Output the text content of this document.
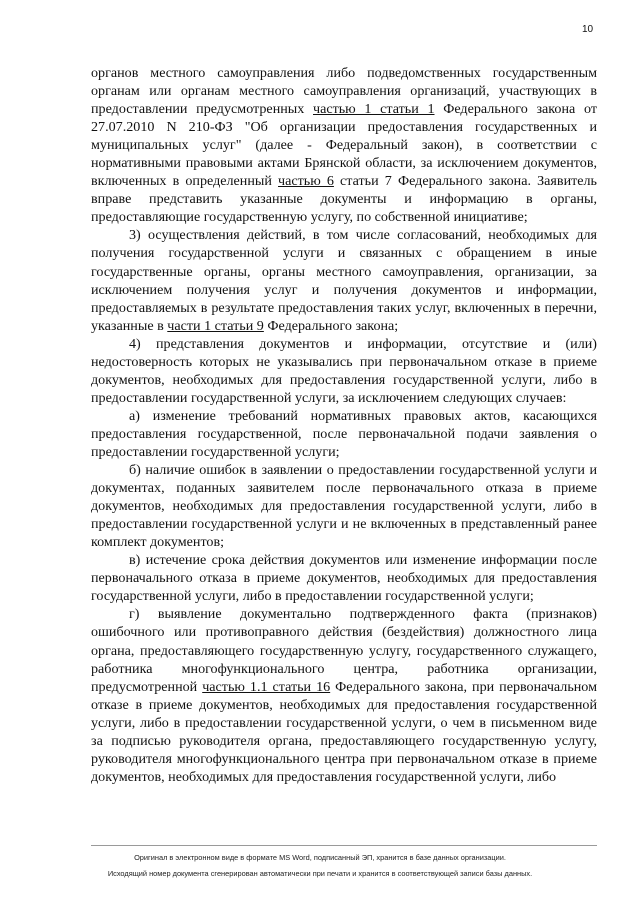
10

органов местного самоуправления либо подведомственных государственным органам или органам местного самоуправления организаций, участвующих в предоставлении предусмотренных частью 1 статьи 1 Федерального закона от 27.07.2010 N 210-ФЗ "Об организации предоставления государственных и муниципальных услуг" (далее - Федеральный закон), в соответствии с нормативными правовыми актами Брянской области, за исключением документов, включенных в определенный частью 6 статьи 7 Федерального закона. Заявитель вправе представить указанные документы и информацию в органы, предоставляющие государственную услугу, по собственной инициативе;

3) осуществления действий, в том числе согласований, необходимых для получения государственной услуги и связанных с обращением в иные государственные органы, органы местного самоуправления, организации, за исключением получения услуг и получения документов и информации, предоставляемых в результате предоставления таких услуг, включенных в перечни, указанные в части 1 статьи 9 Федерального закона;

4) представления документов и информации, отсутствие и (или) недостоверность которых не указывались при первоначальном отказе в приеме документов, необходимых для предоставления государственной услуги, либо в предоставлении государственной услуги, за исключением следующих случаев:

а) изменение требований нормативных правовых актов, касающихся предоставления государственной, после первоначальной подачи заявления о предоставлении государственной услуги;

б) наличие ошибок в заявлении о предоставлении государственной услуги и документах, поданных заявителем после первоначального отказа в приеме документов, необходимых для предоставления государственной услуги, либо в предоставлении государственной услуги и не включенных в представленный ранее комплект документов;

в) истечение срока действия документов или изменение информации после первоначального отказа в приеме документов, необходимых для предоставления государственной услуги, либо в предоставлении государственной услуги;

г) выявление документально подтвержденного факта (признаков) ошибочного или противоправного действия (бездействия) должностного лица органа, предоставляющего государственную услугу, государственного служащего, работника многофункционального центра, работника организации, предусмотренной частью 1.1 статьи 16 Федерального закона, при первоначальном отказе в приеме документов, необходимых для предоставления государственной услуги, либо в предоставлении государственной услуги, о чем в письменном виде за подписью руководителя органа, предоставляющего государственную услугу, руководителя многофункционального центра при первоначальном отказе в приеме документов, необходимых для предоставления государственной услуги, либо

Оригинал в электронном виде в формате MS Word, подписанный ЭП, хранится в базе данных организации.
Исходящий номер документа сгенерирован автоматически при печати и хранится в соответствующей записи базы данных.
